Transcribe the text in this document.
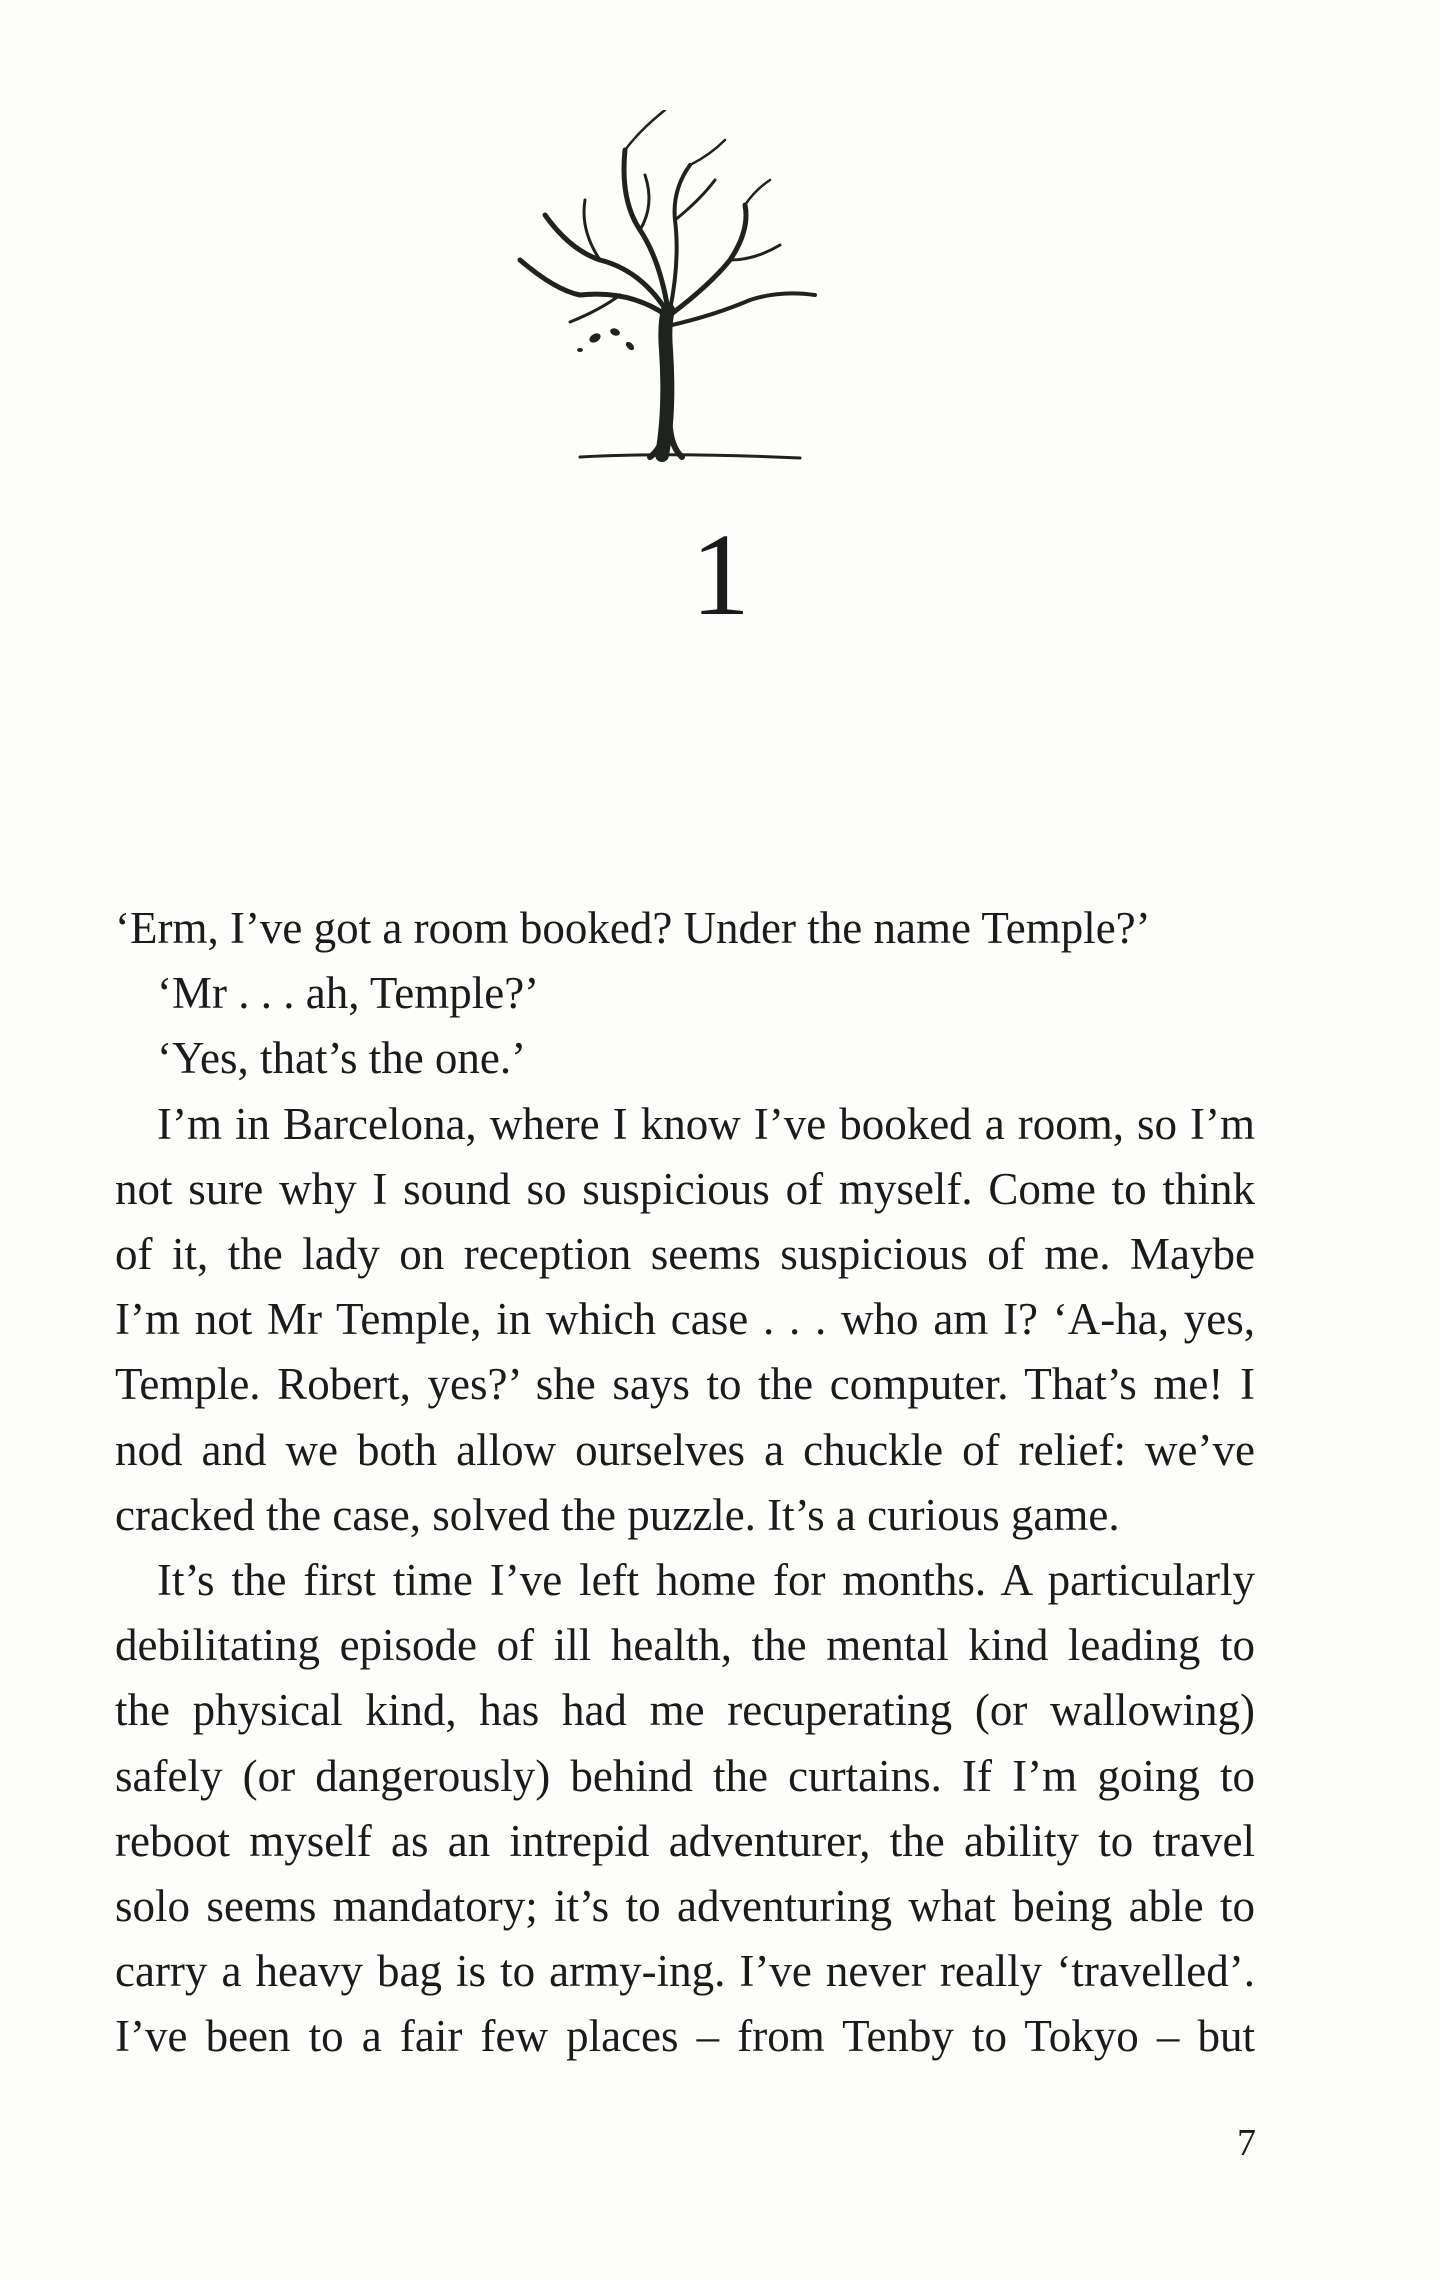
1
‘Erm, I’ve got a room booked? Under the name Temple?’
‘Mr . . . ah, Temple?’
‘Yes, that’s the one.’
I’m in Barcelona, where I know I’ve booked a room, so I’m
not sure why I sound so suspicious of myself. Come to think
of it, the lady on reception seems suspicious of me. Maybe
I’m not Mr Temple, in which case . . . who am I? ‘A-ha, yes,
Temple. Robert, yes?’ she says to the computer. That’s me! I
nod and we both allow ourselves a chuckle of relief: we’ve
cracked the case, solved the puzzle. It’s a curious game.
It’s the first time I’ve left home for months. A particularly
debilitating episode of ill health, the mental kind leading to
the physical kind, has had me recuperating (or wallowing)
safely (or dangerously) behind the curtains. If I’m going to
reboot myself as an intrepid adventurer, the ability to travel
solo seems mandatory; it’s to adventuring what being able to
carry a heavy bag is to army-ing. I’ve never really ‘travelled’.
I’ve been to a fair few places – from Tenby to Tokyo – but
7
